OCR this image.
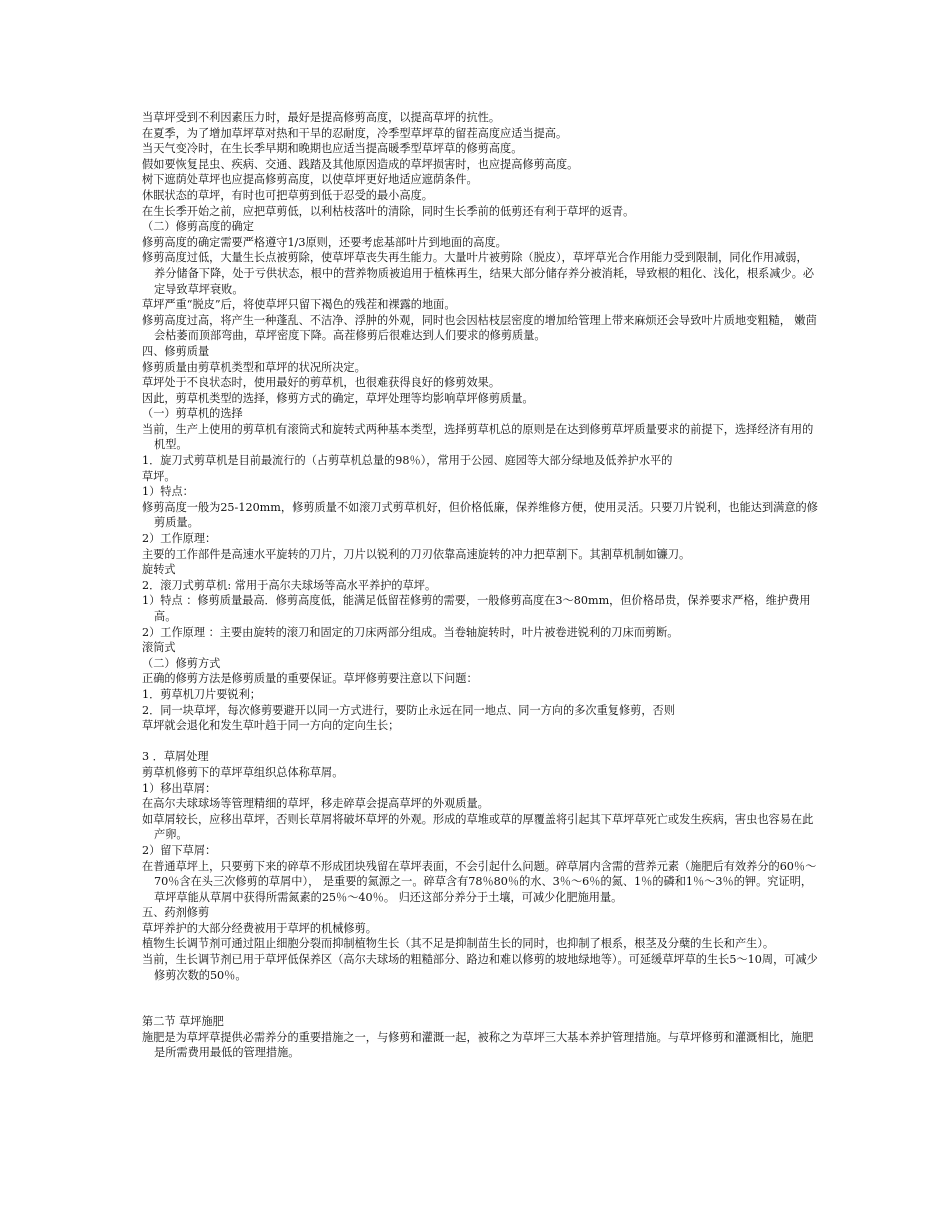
当草坪受到不利因素压力时，最好是提高修剪高度，以提高草坪的抗性。
在夏季，为了增加草坪草对热和干旱的忍耐度，冷季型草坪草的留茬高度应适当提高。
当天气变冷时，在生长季早期和晚期也应适当提高暖季型草坪草的修剪高度。
假如要恢复昆虫、疾病、交通、践踏及其他原因造成的草坪损害时，也应提高修剪高度。
树下遮荫处草坪也应提高修剪高度，以使草坪更好地适应遮荫条件。
休眠状态的草坪，有时也可把草剪到低于忍受的最小高度。
在生长季开始之前，应把草剪低，以利枯枝落叶的清除，同时生长季前的低剪还有利于草坪的返青。
（二）修剪高度的确定
修剪高度的确定需要严格遵守1/3原则，还要考虑基部叶片到地面的高度。
修剪高度过低，大量生长点被剪除，使草坪草丧失再生能力。大量叶片被剪除（脱皮），草坪草光合作用能力受到限制，同化作用减弱，养分储备下降，处于亏供状态，根中的营养物质被追用于植株再生，结果大部分储存养分被消耗，导致根的粗化、浅化，根系减少。必定导致草坪衰败。
草坪严重“脱皮”后，将使草坪只留下褐色的残茬和裸露的地面。
修剪高度过高，将产生一种蓬乱、不洁净、浮肿的外观，同时也会因枯枝层密度的增加给管理上带来麻烦还会导致叶片质地变粗糙， 嫩茴会枯萎而顶部弯曲，草坪密度下降。高茬修剪后很难达到人们要求的修剪质量。
四、修剪质量
修剪质量由剪草机类型和草坪的状况所决定。
草坪处于不良状态时，使用最好的剪草机，也很难获得良好的修剪效果。
因此，剪草机类型的选择，修剪方式的确定，草坪处理等均影响草坪修剪质量。
（一）剪草机的选择
当前，生产上使用的剪草机有滚筒式和旋转式两种基本类型，选择剪草机总的原则是在达到修剪草坪质量要求的前提下，选择经济有用的机型。
1．旋刀式剪草机是目前最流行的（占剪草机总量的98％），常用于公园、庭园等大部分绿地及低养护水平的
草坪。
1）特点：
修剪高度一般为25-120mm，修剪质量不如滚刀式剪草机好，但价格低廉，保养维修方便，使用灵活。只要刀片锐利，也能达到满意的修剪质量。
2）工作原理：
主要的工作部件是高速水平旋转的刀片，刀片以锐利的刀刃依靠高速旋转的冲力把草割下。其割草机制如镰刀。
旋转式
2．滚刀式剪草机: 常用于高尔夫球场等高水平养护的草坪。
1）特点 ：修剪质量最高．修剪高度低，能满足低留茬修剪的需要，一般修剪高度在3～80mm，但价格昂贵，保养要求严格，维护费用高。
2）工作原理 ：主要由旋转的滚刀和固定的刀床两部分组成。当卷轴旋转时，叶片被卷进锐利的刀床而剪断。
滚筒式
（二）修剪方式
正确的修剪方法是修剪质量的重要保证。草坪修剪要注意以下问题：
1．剪草机刀片要锐利；
2．同一块草坪，每次修剪要避开以同一方式进行，要防止永远在同一地点、同一方向的多次重复修剪，否则
草坪就会退化和发生草叶趋于同一方向的定向生长；
3 ．草屑处理
剪草机修剪下的草坪草组织总体称草屑。
1）移出草屑：
在高尔夫球球场等管理精细的草坪，移走碎草会提高草坪的外观质量。
如草屑较长，应移出草坪，否则长草屑将破坏草坪的外观。形成的草堆或草的厚覆盖将引起其下草坪草死亡或发生疾病，害虫也容易在此产卵。
2）留下草屑：
在普通草坪上，只要剪下来的碎草不形成团块残留在草坪表面，不会引起什么问题。碎草屑内含需的营养元素（施肥后有效养分的60％～70％含在头三次修剪的草屑中）， 是重要的氮源之一。碎草含有78％80％的水、3％～6％的氮、1％的磷和1％～3％的钾。究证明，草坪草能从草屑中获得所需氮素的25％～40％。 归还这部分养分于土壤，可减少化肥施用量。
五、药剂修剪
草坪养护的大部分经费被用于草坪的机械修剪。
植物生长调节剂可通过阻止细胞分裂而抑制植物生长（其不足是抑制苗生长的同时，也抑制了根系，根茎及分蘖的生长和产生）。
当前，生长调节剂已用于草坪低保养区（高尔夫球场的粗糙部分、路边和难以修剪的坡地绿地等）。可延缓草坪草的生长5～10周，可减少修剪次数的50％。
第二节 草坪施肥
施肥是为草坪草提供必需养分的重要措施之一，与修剪和灌溉一起，被称之为草坪三大基本养护管理措施。与草坪修剪和灌溉相比，施肥是所需费用最低的管理措施。
